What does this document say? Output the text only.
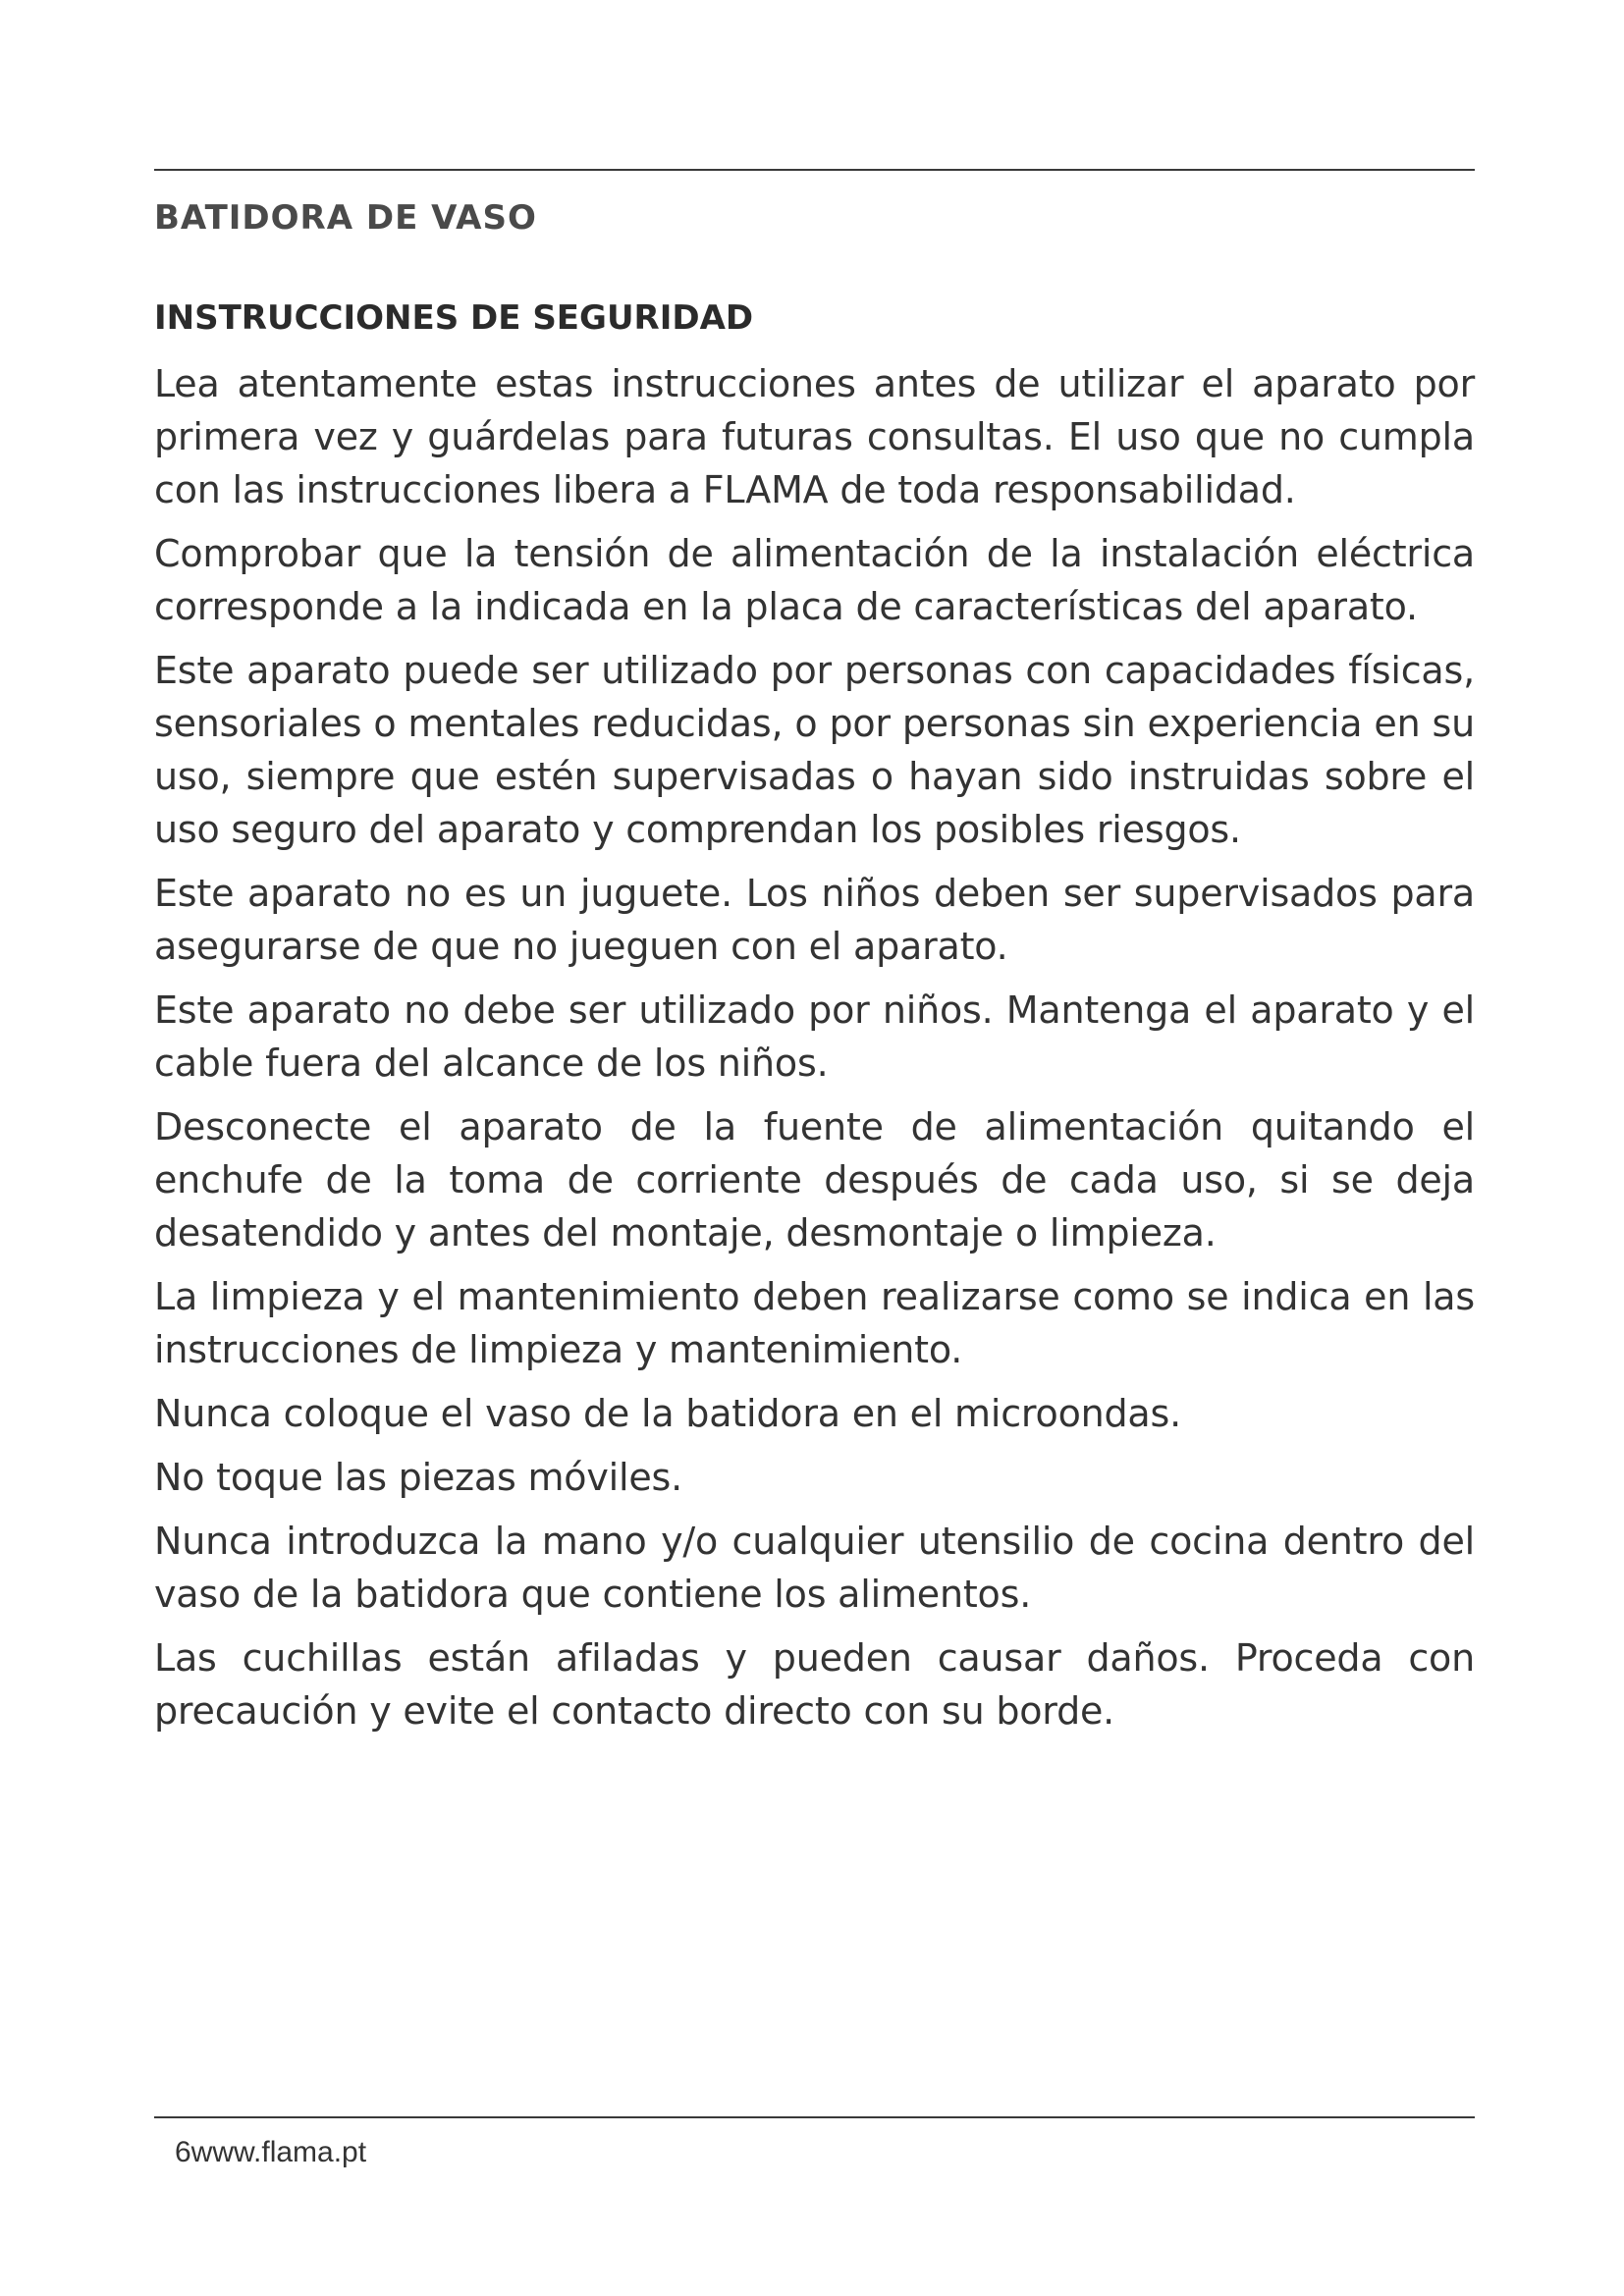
BATIDORA DE VASO
INSTRUCCIONES DE SEGURIDAD

Lea atentamente estas instrucciones antes de utilizar el aparato por primera vez y guárdelas para futuras consultas. El uso que no cumpla con las instrucciones libera a FLAMA de toda responsabilidad.

Comprobar que la tensión de alimentación de la instalación eléctrica corresponde a la indicada en la placa de características del aparato.

Este aparato puede ser utilizado por personas con capacidades físicas, sensoriales o mentales reducidas, o por personas sin experiencia en su uso, siempre que estén supervisadas o hayan sido instruidas sobre el uso seguro del aparato y comprendan los posibles riesgos.

Este aparato no es un juguete. Los niños deben ser supervisados para asegurarse de que no jueguen con el aparato.

Este aparato no debe ser utilizado por niños. Mantenga el aparato y el cable fuera del alcance de los niños.

Desconecte el aparato de la fuente de alimentación quitando el enchufe de la toma de corriente después de cada uso, si se deja desatendido y antes del montaje, desmontaje o limpieza.

La limpieza y el mantenimiento deben realizarse como se indica en las instrucciones de limpieza y mantenimiento.

Nunca coloque el vaso de la batidora en el microondas.

No toque las piezas móviles.

Nunca introduzca la mano y/o cualquier utensilio de cocina dentro del vaso de la batidora que contiene los alimentos.

Las cuchillas están afiladas y pueden causar daños. Proceda con precaución y evite el contacto directo con su borde.

6www.flama.pt
